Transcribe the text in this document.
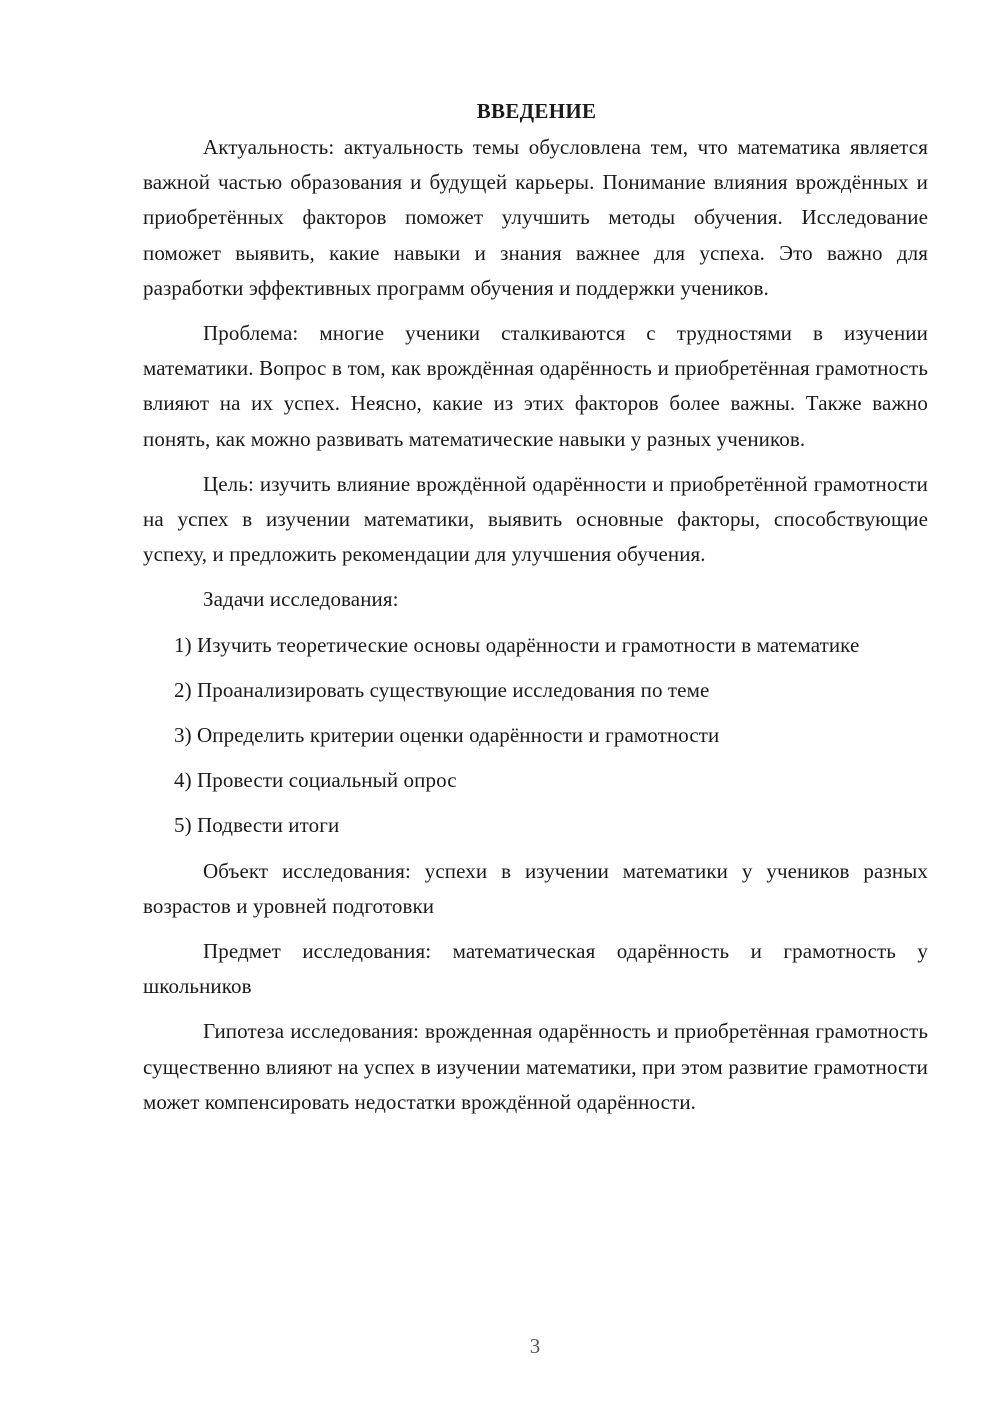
ВВЕДЕНИЕ

Актуальность: актуальность темы обусловлена тем, что математика является важной частью образования и будущей карьеры. Понимание влияния врождённых и приобретённых факторов поможет улучшить методы обучения. Исследование поможет выявить, какие навыки и знания важнее для успеха. Это важно для разработки эффективных программ обучения и поддержки учеников.

Проблема: многие ученики сталкиваются с трудностями в изучении математики. Вопрос в том, как врождённая одарённость и приобретённая грамотность влияют на их успех. Неясно, какие из этих факторов более важны. Также важно понять, как можно развивать математические навыки у разных учеников.

Цель: изучить влияние врождённой одарённости и приобретённой грамотности на успех в изучении математики, выявить основные факторы, способствующие успеху, и предложить рекомендации для улучшения обучения.

Задачи исследования:

1) Изучить теоретические основы одарённости и грамотности в математике

2) Проанализировать существующие исследования по теме

3) Определить критерии оценки одарённости и грамотности

4) Провести социальный опрос

5) Подвести итоги

Объект исследования: успехи в изучении математики у учеников разных возрастов и уровней подготовки

Предмет исследования: математическая одарённость и грамотность у школьников

Гипотеза исследования: врожденная одарённость и приобретённая грамотность существенно влияют на успех в изучении математики, при этом развитие грамотности может компенсировать недостатки врождённой одарённости.

3
